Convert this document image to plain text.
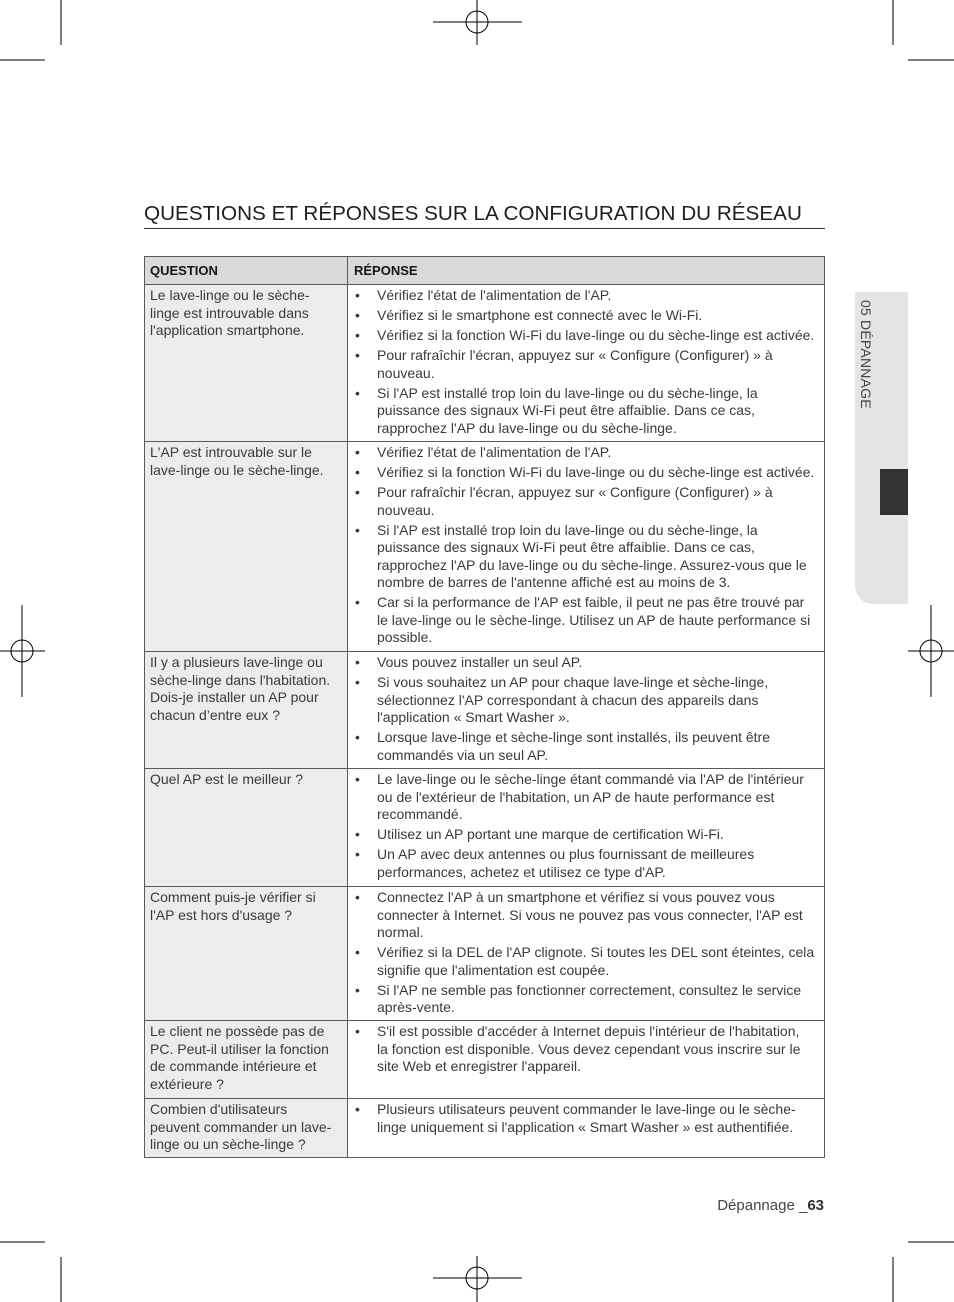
QUESTIONS ET RÉPONSES SUR LA CONFIGURATION DU RÉSEAU
QUESTION	RÉPONSE
Le lave-linge ou le sèche-
linge est introuvable dans
l'application smartphone.
• Vérifiez l'état de l'alimentation de l'AP.
• Vérifiez si le smartphone est connecté avec le Wi-Fi.
• Vérifiez si la fonction Wi-Fi du lave-linge ou du sèche-linge est activée.
• Pour rafraîchir l'écran, appuyez sur « Configure (Configurer) » à
nouveau.
• Si l'AP est installé trop loin du lave-linge ou du sèche-linge, la
puissance des signaux Wi-Fi peut être affaiblie. Dans ce cas,
rapprochez l'AP du lave-linge ou du sèche-linge.
L'AP est introuvable sur le
lave-linge ou le sèche-linge.
• Vérifiez l'état de l'alimentation de l'AP.
• Vérifiez si la fonction Wi-Fi du lave-linge ou du sèche-linge est activée.
• Pour rafraîchir l'écran, appuyez sur « Configure (Configurer) » à
nouveau.
• Si l'AP est installé trop loin du lave-linge ou du sèche-linge, la
puissance des signaux Wi-Fi peut être affaiblie. Dans ce cas,
rapprochez l'AP du lave-linge ou du sèche-linge. Assurez-vous que le
nombre de barres de l'antenne affiché est au moins de 3.
• Car si la performance de l'AP est faible, il peut ne pas être trouvé par
le lave-linge ou le sèche-linge. Utilisez un AP de haute performance si
possible.
Il y a plusieurs lave-linge ou
sèche-linge dans l'habitation.
Dois-je installer un AP pour
chacun d’entre eux ?
• Vous pouvez installer un seul AP.
• Si vous souhaitez un AP pour chaque lave-linge et sèche-linge,
sélectionnez l'AP correspondant à chacun des appareils dans
l'application « Smart Washer ».
• Lorsque lave-linge et sèche-linge sont installés, ils peuvent être
commandés via un seul AP.
Quel AP est le meilleur ?
•	Le lave-linge ou le sèche-linge étant commandé via l'AP de l'intérieur
ou de l'extérieur de l'habitation, un AP de haute performance est
recommandé.
• Utilisez un AP portant une marque de certification Wi-Fi.
• Un AP avec deux antennes ou plus fournissant de meilleures
performances, achetez et utilisez ce type d'AP.
Comment puis-je vérifier si
l'AP est hors d'usage ?
• Connectez l'AP à un smartphone et vérifiez si vous pouvez vous
connecter à Internet. Si vous ne pouvez pas vous connecter, l'AP est
normal.
• Vérifiez si la DEL de l'AP clignote. Si toutes les DEL sont éteintes, cela
signifie que l'alimentation est coupée.
• Si l'AP ne semble pas fonctionner correctement, consultez le service
après-vente.
Le client ne possède pas de
PC. Peut-il utiliser la fonction
de commande intérieure et
extérieure ?
• S'il est possible d'accéder à Internet depuis l'intérieur de l'habitation,
la fonction est disponible. Vous devez cependant vous inscrire sur le
site Web et enregistrer l'appareil.
Combien d'utilisateurs
peuvent commander un lave-
linge ou un sèche-linge ?
• Plusieurs utilisateurs peuvent commander le lave-linge ou le sèche-
linge uniquement si l'application « Smart Washer » est authentifiée.
05 DÉPANNAGE
Dépannage _63
